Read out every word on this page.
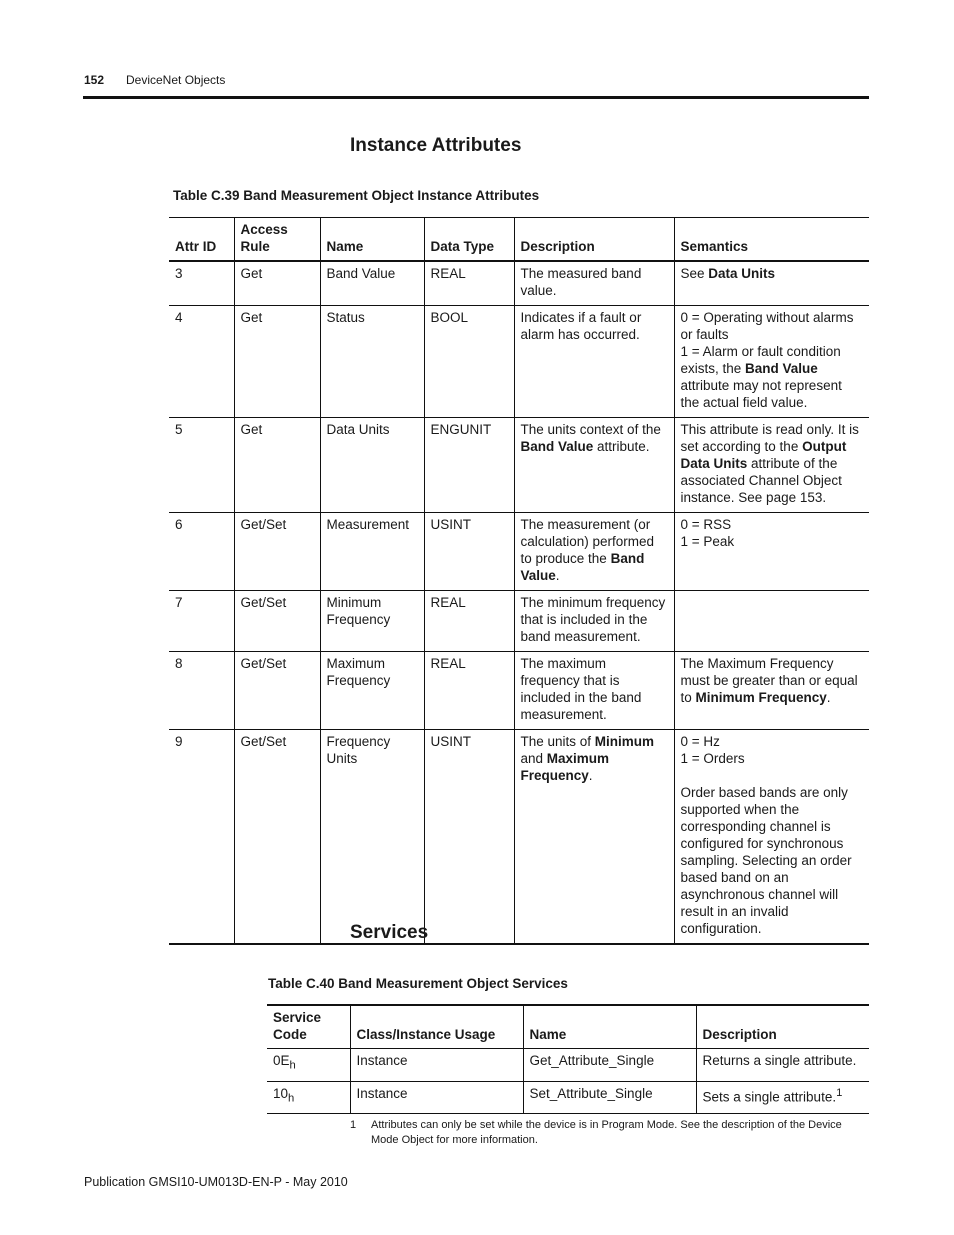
152 DeviceNet Objects
Instance Attributes

Table C.39 Band Measurement Object Instance Attributes

Attr ID	Access Rule	Name	Data Type	Description	Semantics
3	Get	Band Value	REAL	The measured band value.	See Data Units
4	Get	Status	BOOL	Indicates if a fault or alarm has occurred.	0 = Operating without alarms or faults
1 = Alarm or fault condition exists, the Band Value attribute may not represent the actual field value.
5	Get	Data Units	ENGUNIT	The units context of the Band Value attribute.	This attribute is read only. It is set according to the Output Data Units attribute of the associated Channel Object instance. See page 153.
6	Get/Set	Measurement	USINT	The measurement (or calculation) performed to produce the Band Value.	0 = RSS
1 = Peak
7	Get/Set	Minimum Frequency	REAL	The minimum frequency that is included in the band measurement.	
8	Get/Set	Maximum Frequency	REAL	The maximum frequency that is included in the band measurement.	The Maximum Frequency must be greater than or equal to Minimum Frequency.
9	Get/Set	Frequency Units	USINT	The units of Minimum and Maximum Frequency.	0 = Hz
1 = Orders

Order based bands are only supported when the corresponding channel is configured for synchronous sampling. Selecting an order based band on an asynchronous channel will result in an invalid configuration.
Services

Table C.40 Band Measurement Object Services

Service Code	Class/Instance Usage	Name	Description
$0E_h$	Instance	Get_Attribute_Single	Returns a single attribute.
$10_h$	Instance	Set_Attribute_Single	Sets a single attribute.$^1$
1 Attributes can only be set while the device is in Program Mode. See the description of the Device Mode Object for more information.
Publication GMSI10-UM013D-EN-P - May 2010
